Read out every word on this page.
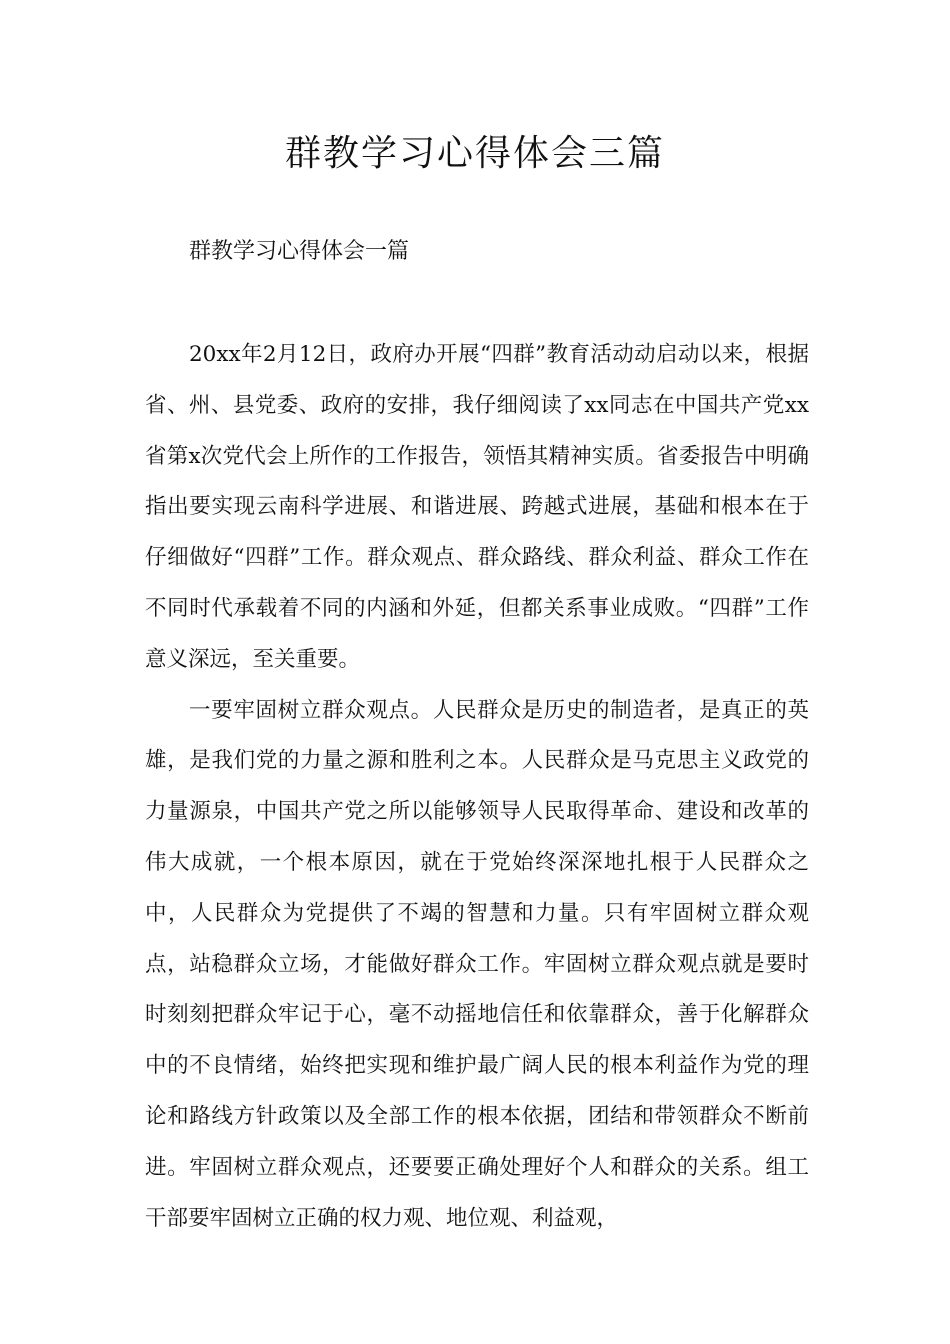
群教学习心得体会三篇
群教学习心得体会一篇

20xx年2月12日，政府办开展“四群”教育活动动启动以来，根据省、州、县党委、政府的安排，我仔细阅读了xx同志在中国共产党xx省第x次党代会上所作的工作报告，领悟其精神实质。省委报告中明确指出要实现云南科学进展、和谐进展、跨越式进展，基础和根本在于仔细做好“四群”工作。群众观点、群众路线、群众利益、群众工作在不同时代承载着不同的内涵和外延，但都关系事业成败。“四群”工作意义深远，至关重要。

一要牢固树立群众观点。人民群众是历史的制造者，是真正的英雄，是我们党的力量之源和胜利之本。人民群众是马克思主义政党的力量源泉，中国共产党之所以能够领导人民取得革命、建设和改革的伟大成就，一个根本原因，就在于党始终深深地扎根于人民群众之中，人民群众为党提供了不竭的智慧和力量。只有牢固树立群众观点，站稳群众立场，才能做好群众工作。牢固树立群众观点就是要时时刻刻把群众牢记于心，毫不动摇地信任和依靠群众，善于化解群众中的不良情绪，始终把实现和维护最广阔人民的根本利益作为党的理论和路线方针政策以及全部工作的根本依据，团结和带领群众不断前进。牢固树立群众观点，还要要正确处理好个人和群众的关系。组工干部要牢固树立正确的权力观、地位观、利益观，
